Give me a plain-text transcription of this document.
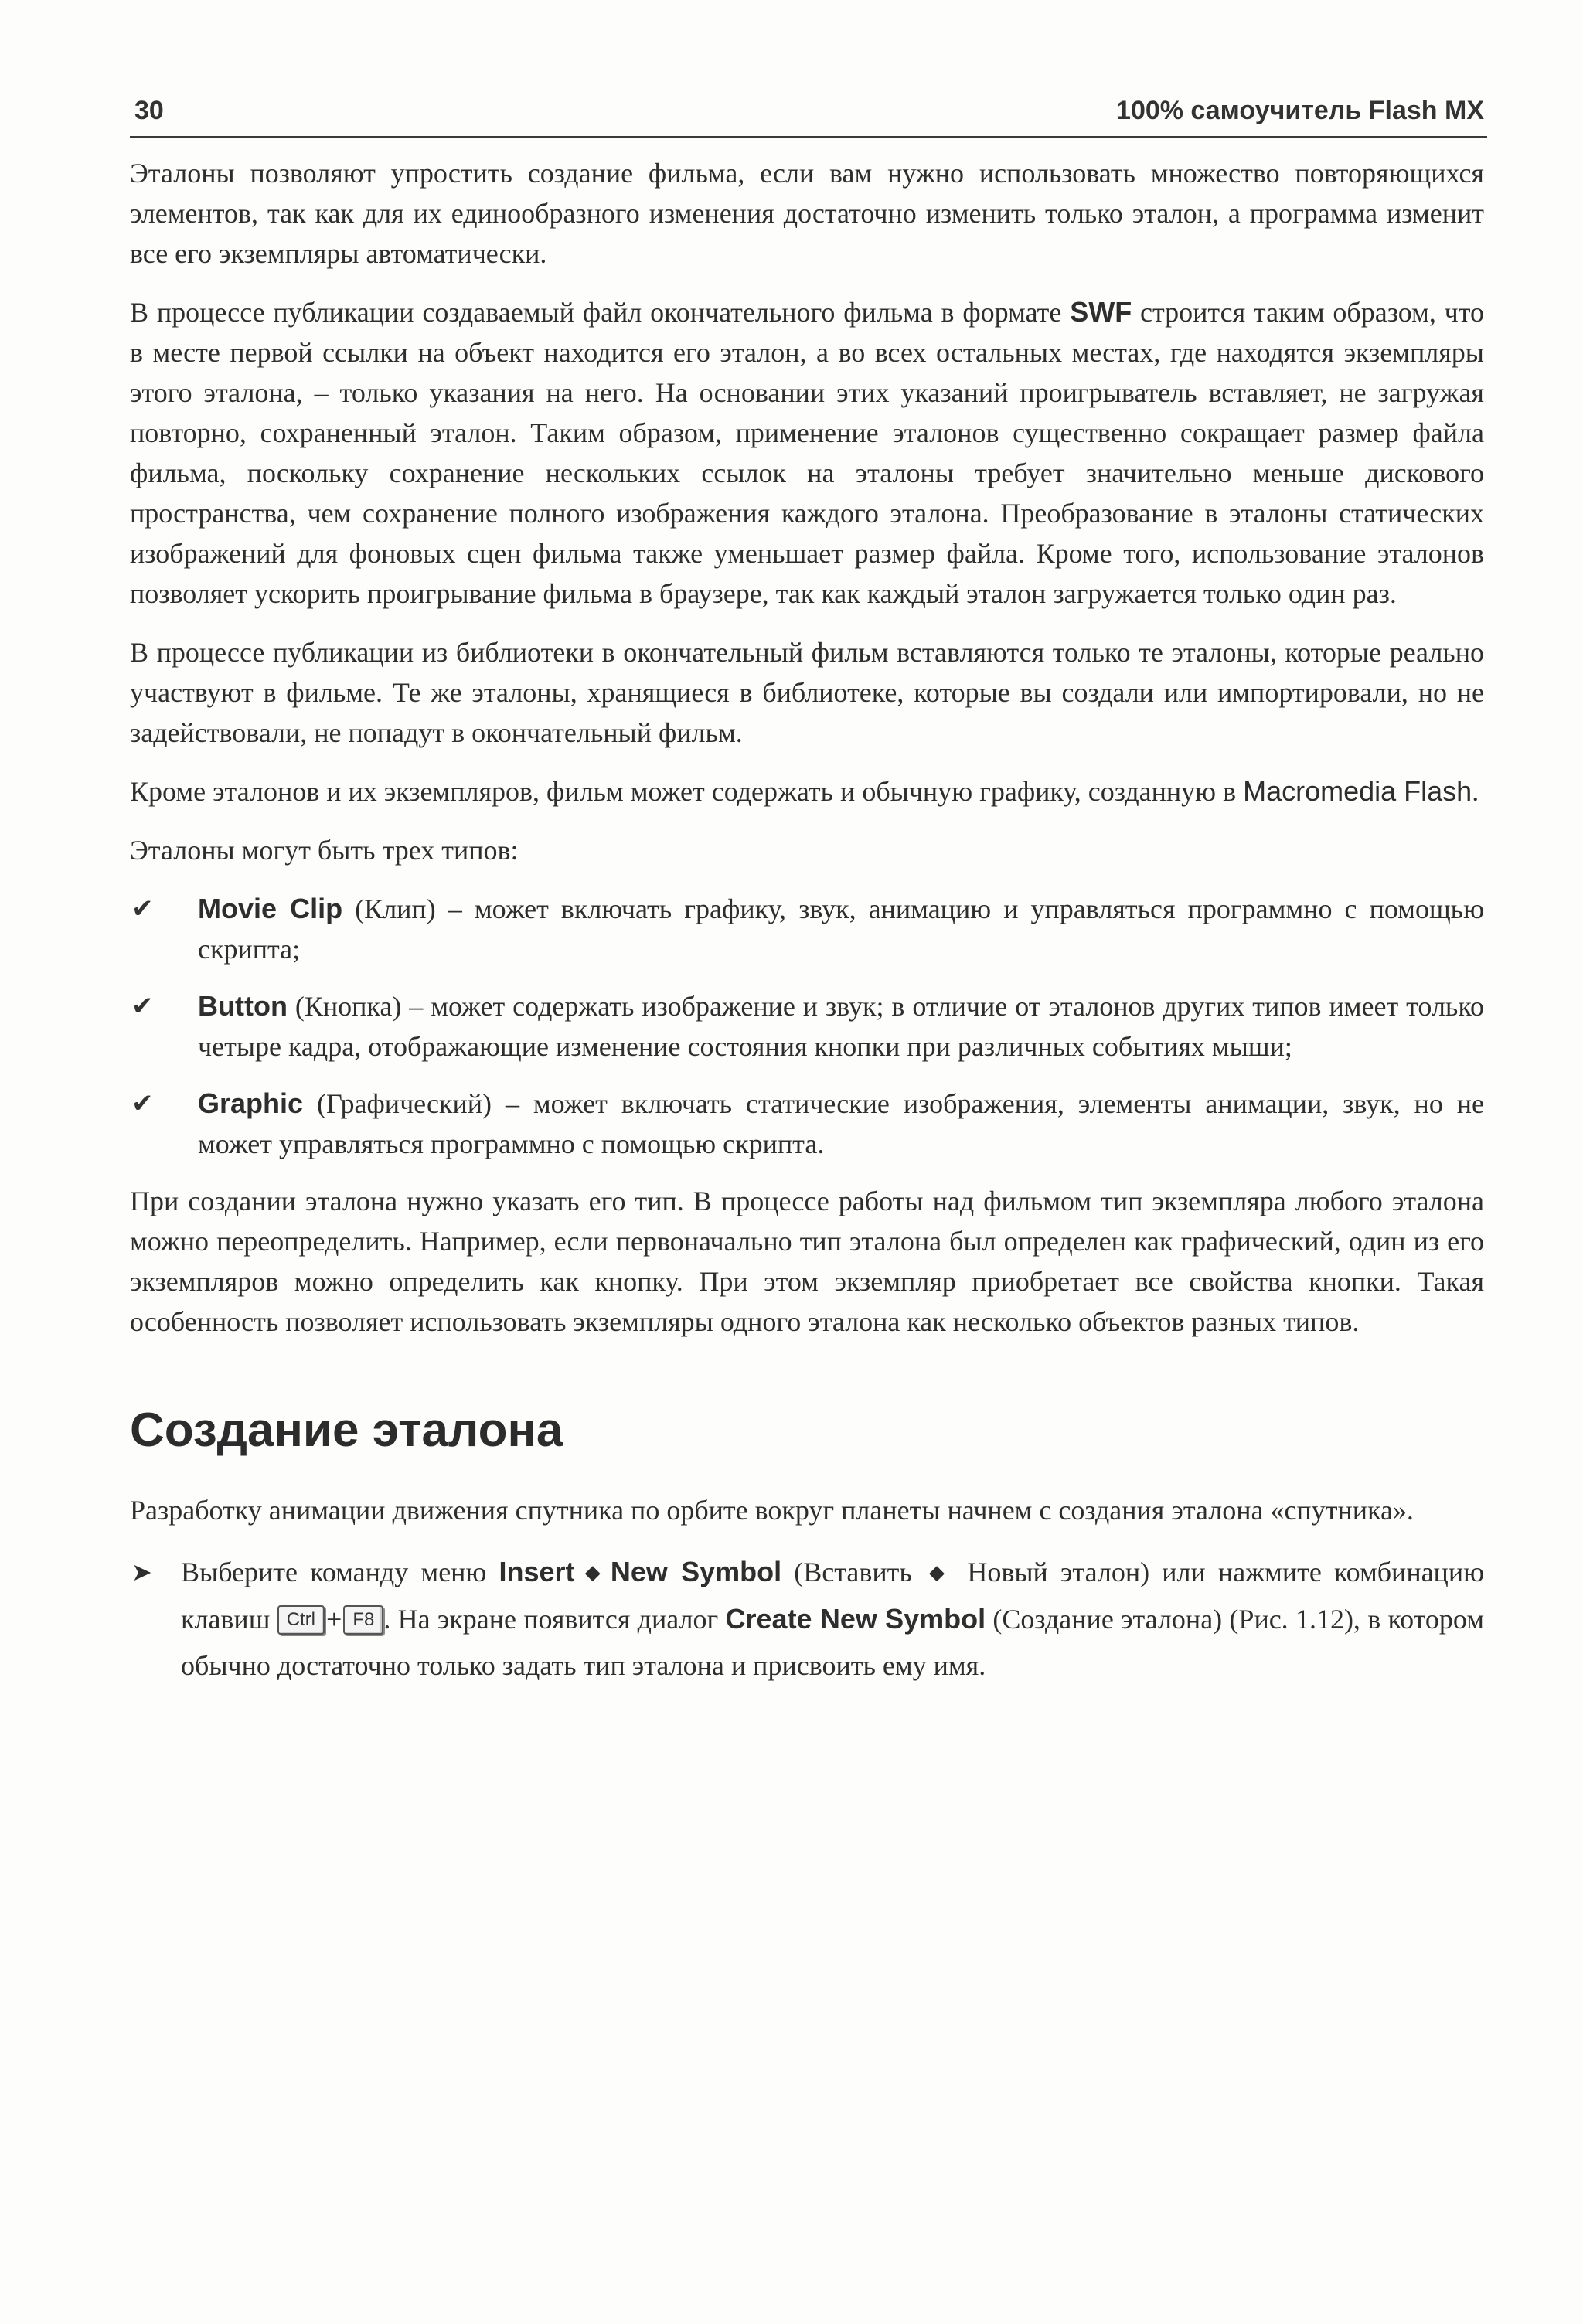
30	100% самоучитель Flash MX

Эталоны позволяют упростить создание фильма, если вам нужно использовать множество повторяющихся элементов, так как для их единообразного изменения достаточно изменить только эталон, а программа изменит все его экземпляры автоматически.

В процессе публикации создаваемый файл окончательного фильма в формате SWF строится таким образом, что в месте первой ссылки на объект находится его эталон, а во всех остальных местах, где находятся экземпляры этого эталона, – только указания на него. На основании этих указаний проигрыватель вставляет, не загружая повторно, сохраненный эталон. Таким образом, применение эталонов существенно сокращает размер файла фильма, поскольку сохранение нескольких ссылок на эталоны требует значительно меньше дискового пространства, чем сохранение полного изображения каждого эталона. Преобразование в эталоны статических изображений для фоновых сцен фильма также уменьшает размер файла. Кроме того, использование эталонов позволяет ускорить проигрывание фильма в браузере, так как каждый эталон загружается только один раз.

В процессе публикации из библиотеки в окончательный фильм вставляются только те эталоны, которые реально участвуют в фильме. Те же эталоны, хранящиеся в библиотеке, которые вы создали или импортировали, но не задействовали, не попадут в окончательный фильм.

Кроме эталонов и их экземпляров, фильм может содержать и обычную графику, созданную в Macromedia Flash.

Эталоны могут быть трех типов:

✔ Movie Clip (Клип) – может включать графику, звук, анимацию и управляться программно с помощью скрипта;
✔ Button (Кнопка) – может содержать изображение и звук; в отличие от эталонов других типов имеет только четыре кадра, отображающие изменение состояния кнопки при различных событиях мыши;
✔ Graphic (Графический) – может включать статические изображения, элементы анимации, звук, но не может управляться программно с помощью скрипта.

При создании эталона нужно указать его тип. В процессе работы над фильмом тип экземпляра любого эталона можно переопределить. Например, если первоначально тип эталона был определен как графический, один из его экземпляров можно определить как кнопку. При этом экземпляр приобретает все свойства кнопки. Такая особенность позволяет использовать экземпляры одного эталона как несколько объектов разных типов.

Создание эталона

Разработку анимации движения спутника по орбите вокруг планеты начнем с создания эталона «спутника».

➤ Выберите команду меню Insert ◆ New Symbol (Вставить ◆ Новый эталон) или нажмите комбинацию клавиш Ctrl + F8 . На экране появится диалог Create New Symbol (Создание эталона) (Рис. 1.12), в котором обычно достаточно только задать тип эталона и присвоить ему имя.
